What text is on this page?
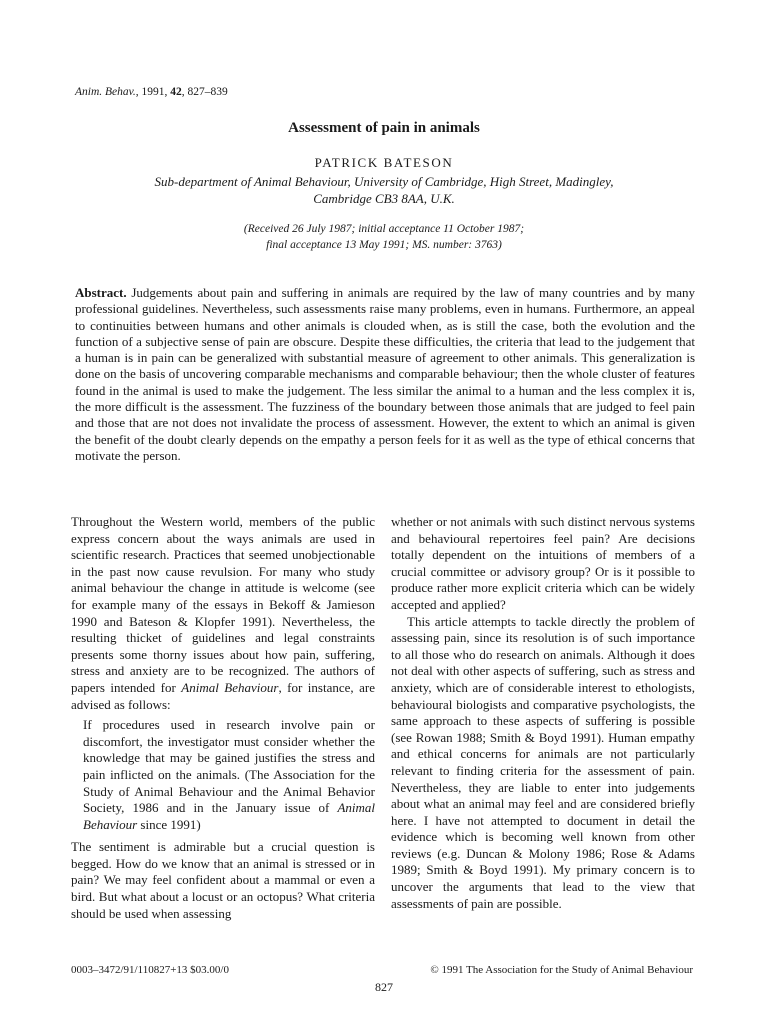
Anim. Behav., 1991, 42, 827–839
Assessment of pain in animals
PATRICK BATESON
Sub-department of Animal Behaviour, University of Cambridge, High Street, Madingley,
Cambridge CB3 8AA, U.K.
(Received 26 July 1987; initial acceptance 11 October 1987;
final acceptance 13 May 1991; MS. number: 3763)

Abstract. Judgements about pain and suffering in animals are required by the law of many countries and by many professional guidelines. Nevertheless, such assessments raise many problems, even in humans. Furthermore, an appeal to continuities between humans and other animals is clouded when, as is still the case, both the evolution and the function of a subjective sense of pain are obscure. Despite these difficulties, the criteria that lead to the judgement that a human is in pain can be generalized with substantial measure of agreement to other animals. This generalization is done on the basis of uncovering comparable mechanisms and comparable behaviour; then the whole cluster of features found in the animal is used to make the judgement. The less similar the animal to a human and the less complex it is, the more difficult is the assessment. The fuzziness of the boundary between those animals that are judged to feel pain and those that are not does not invalidate the process of assessment. However, the extent to which an animal is given the benefit of the doubt clearly depends on the empathy a person feels for it as well as the type of ethical concerns that motivate the person.

Throughout the Western world, members of the public express concern about the ways animals are used in scientific research. Practices that seemed unobjectionable in the past now cause revulsion. For many who study animal behaviour the change in attitude is welcome (see for example many of the essays in Bekoff & Jamieson 1990 and Bateson & Klopfer 1991). Nevertheless, the resulting thicket of guidelines and legal constraints presents some thorny issues about how pain, suffering, stress and anxiety are to be recognized. The authors of papers intended for Animal Behaviour, for instance, are advised as follows:

If procedures used in research involve pain or discomfort, the investigator must consider whether the knowledge that may be gained justifies the stress and pain inflicted on the animals. (The Association for the Study of Animal Behaviour and the Animal Behavior Society, 1986 and in the January issue of Animal Behaviour since 1991)

The sentiment is admirable but a crucial question is begged. How do we know that an animal is stressed or in pain? We may feel confident about a mammal or even a bird. But what about a locust or an octopus? What criteria should be used when assessing

whether or not animals with such distinct nervous systems and behavioural repertoires feel pain? Are decisions totally dependent on the intuitions of members of a crucial committee or advisory group? Or is it possible to produce rather more explicit criteria which can be widely accepted and applied?

This article attempts to tackle directly the problem of assessing pain, since its resolution is of such importance to all those who do research on animals. Although it does not deal with other aspects of suffering, such as stress and anxiety, which are of considerable interest to ethologists, behavioural biologists and comparative psychologists, the same approach to these aspects of suffering is possible (see Rowan 1988; Smith & Boyd 1991). Human empathy and ethical concerns for animals are not particularly relevant to finding criteria for the assessment of pain. Nevertheless, they are liable to enter into judgements about what an animal may feel and are considered briefly here. I have not attempted to document in detail the evidence which is becoming well known from other reviews (e.g. Duncan & Molony 1986; Rose & Adams 1989; Smith & Boyd 1991). My primary concern is to uncover the arguments that lead to the view that assessments of pain are possible.

0003–3472/91/110827+13 $03.00/0	© 1991 The Association for the Study of Animal Behaviour
827
